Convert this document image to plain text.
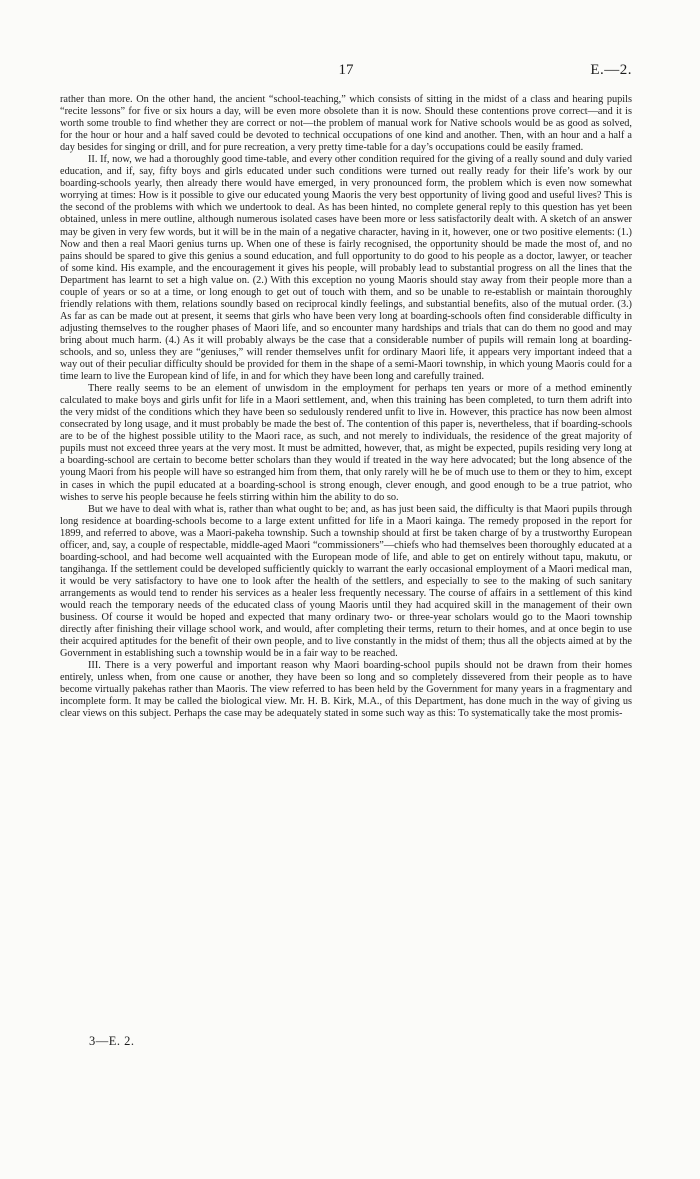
17	E.—2.

rather than more. On the other hand, the ancient “school-teaching,” which consists of sitting in the midst of a class and hearing pupils “recite lessons” for five or six hours a day, will be even more obsolete than it is now. Should these contentions prove correct—and it is worth some trouble to find whether they are correct or not—the problem of manual work for Native schools would be as good as solved, for the hour or hour and a half saved could be devoted to technical occupations of one kind and another. Then, with an hour and a half a day besides for singing or drill, and for pure recreation, a very pretty time-table for a day’s occupations could be easily framed.

II. If, now, we had a thoroughly good time-table, and every other condition required for the giving of a really sound and duly varied education, and if, say, fifty boys and girls educated under such conditions were turned out really ready for their life’s work by our boarding-schools yearly, then already there would have emerged, in very pronounced form, the problem which is even now somewhat worrying at times: How is it possible to give our educated young Maoris the very best opportunity of living good and useful lives? This is the second of the problems with which we undertook to deal. As has been hinted, no complete general reply to this question has yet been obtained, unless in mere outline, although numerous isolated cases have been more or less satisfactorily dealt with. A sketch of an answer may be given in very few words, but it will be in the main of a negative character, having in it, however, one or two positive elements: (1.) Now and then a real Maori genius turns up. When one of these is fairly recognised, the opportunity should be made the most of, and no pains should be spared to give this genius a sound education, and full opportunity to do good to his people as a doctor, lawyer, or teacher of some kind. His example, and the encouragement it gives his people, will probably lead to substantial progress on all the lines that the Department has learnt to set a high value on. (2.) With this exception no young Maoris should stay away from their people more than a couple of years or so at a time, or long enough to get out of touch with them, and so be unable to re-establish or maintain thoroughly friendly relations with them, relations soundly based on reciprocal kindly feelings, and substantial benefits, also of the mutual order. (3.) As far as can be made out at present, it seems that girls who have been very long at boarding-schools often find considerable difficulty in adjusting themselves to the rougher phases of Maori life, and so encounter many hardships and trials that can do them no good and may bring about much harm. (4.) As it will probably always be the case that a considerable number of pupils will remain long at boarding-schools, and so, unless they are “geniuses,” will render themselves unfit for ordinary Maori life, it appears very important indeed that a way out of their peculiar difficulty should be provided for them in the shape of a semi-Maori township, in which young Maoris could for a time learn to live the European kind of life, in and for which they have been long and carefully trained.

There really seems to be an element of unwisdom in the employment for perhaps ten years or more of a method eminently calculated to make boys and girls unfit for life in a Maori settlement, and, when this training has been completed, to turn them adrift into the very midst of the conditions which they have been so sedulously rendered unfit to live in. However, this practice has now been almost consecrated by long usage, and it must probably be made the best of. The contention of this paper is, nevertheless, that if boarding-schools are to be of the highest possible utility to the Maori race, as such, and not merely to individuals, the residence of the great majority of pupils must not exceed three years at the very most. It must be admitted, however, that, as might be expected, pupils residing very long at a boarding-school are certain to become better scholars than they would if treated in the way here advocated; but the long absence of the young Maori from his people will have so estranged him from them, that only rarely will he be of much use to them or they to him, except in cases in which the pupil educated at a boarding-school is strong enough, clever enough, and good enough to be a true patriot, who wishes to serve his people because he feels stirring within him the ability to do so.

But we have to deal with what is, rather than what ought to be; and, as has just been said, the difficulty is that Maori pupils through long residence at boarding-schools become to a large extent unfitted for life in a Maori kainga. The remedy proposed in the report for 1899, and referred to above, was a Maori-pakeha township. Such a township should at first be taken charge of by a trustworthy European officer, and, say, a couple of respectable, middle-aged Maori “commissioners”—chiefs who had themselves been thoroughly educated at a boarding-school, and had become well acquainted with the European mode of life, and able to get on entirely without tapu, makutu, or tangihanga. If the settlement could be developed sufficiently quickly to warrant the early occasional employment of a Maori medical man, it would be very satisfactory to have one to look after the health of the settlers, and especially to see to the making of such sanitary arrangements as would tend to render his services as a healer less frequently necessary. The course of affairs in a settlement of this kind would reach the temporary needs of the educated class of young Maoris until they had acquired skill in the management of their own business. Of course it would be hoped and expected that many ordinary two- or three-year scholars would go to the Maori township directly after finishing their village school work, and would, after completing their terms, return to their homes, and at once begin to use their acquired aptitudes for the benefit of their own people, and to live constantly in the midst of them; thus all the objects aimed at by the Government in establishing such a township would be in a fair way to be reached.

III. There is a very powerful and important reason why Maori boarding-school pupils should not be drawn from their homes entirely, unless when, from one cause or another, they have been so long and so completely dissevered from their people as to have become virtually pakehas rather than Maoris. The view referred to has been held by the Government for many years in a fragmentary and incomplete form. It may be called the biological view. Mr. H. B. Kirk, M.A., of this Department, has done much in the way of giving us clear views on this subject. Perhaps the case may be adequately stated in some such way as this: To systematically take the most promis-

3—E. 2.
